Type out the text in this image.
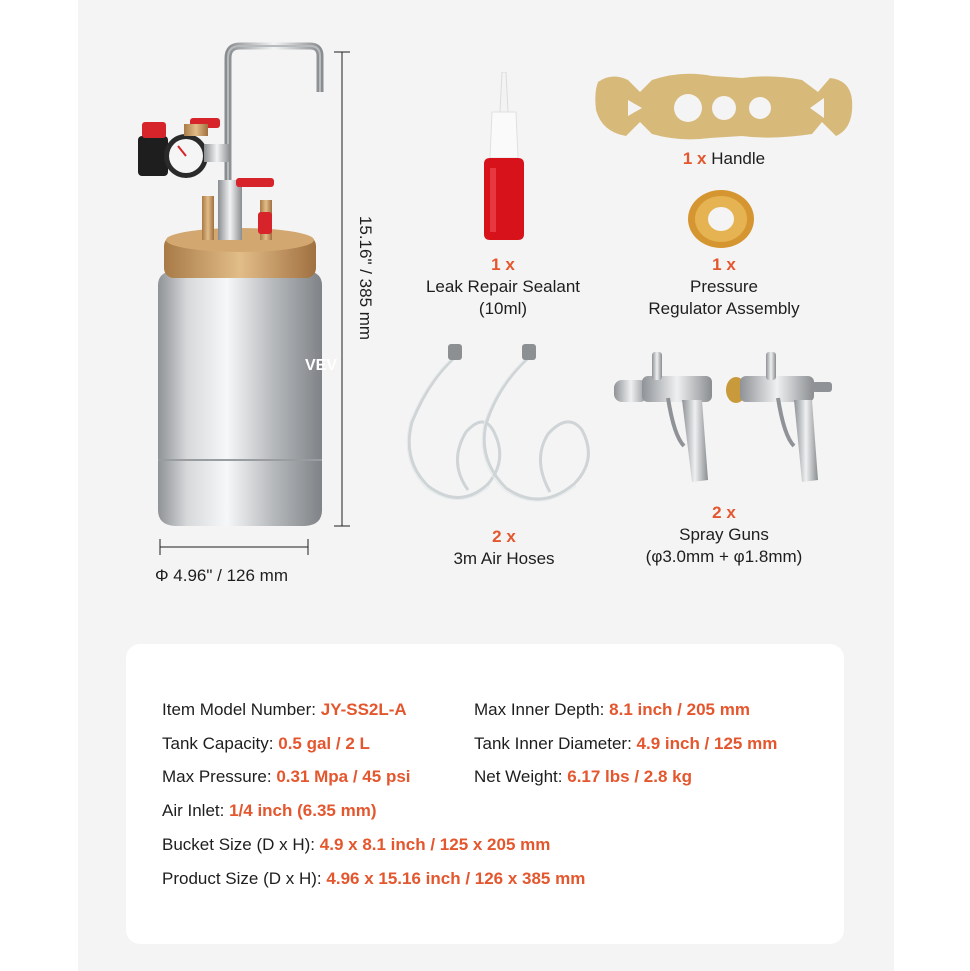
VEV
15.16" / 385 mm
Φ 4.96" / 126 mm
1 x
Leak Repair Sealant (10ml)
1 x Handle
1 x
Pressure
Regulator Assembly
2 x
3m Air Hoses
2 x
Spray Guns
(φ3.0mm + φ1.8mm)
Item Model Number: JY-SS2L-A
Tank Capacity: 0.5 gal / 2 L
Max Pressure: 0.31 Mpa / 45 psi
Air Inlet: 1/4 inch (6.35 mm)
Bucket Size (D x H): 4.9 x 8.1 inch / 125 x 205 mm
Product Size (D x H): 4.96 x 15.16 inch / 126 x 385 mm
Max Inner Depth: 8.1 inch / 205 mm
Tank Inner Diameter: 4.9 inch / 125 mm
Net Weight: 6.17 lbs / 2.8 kg
